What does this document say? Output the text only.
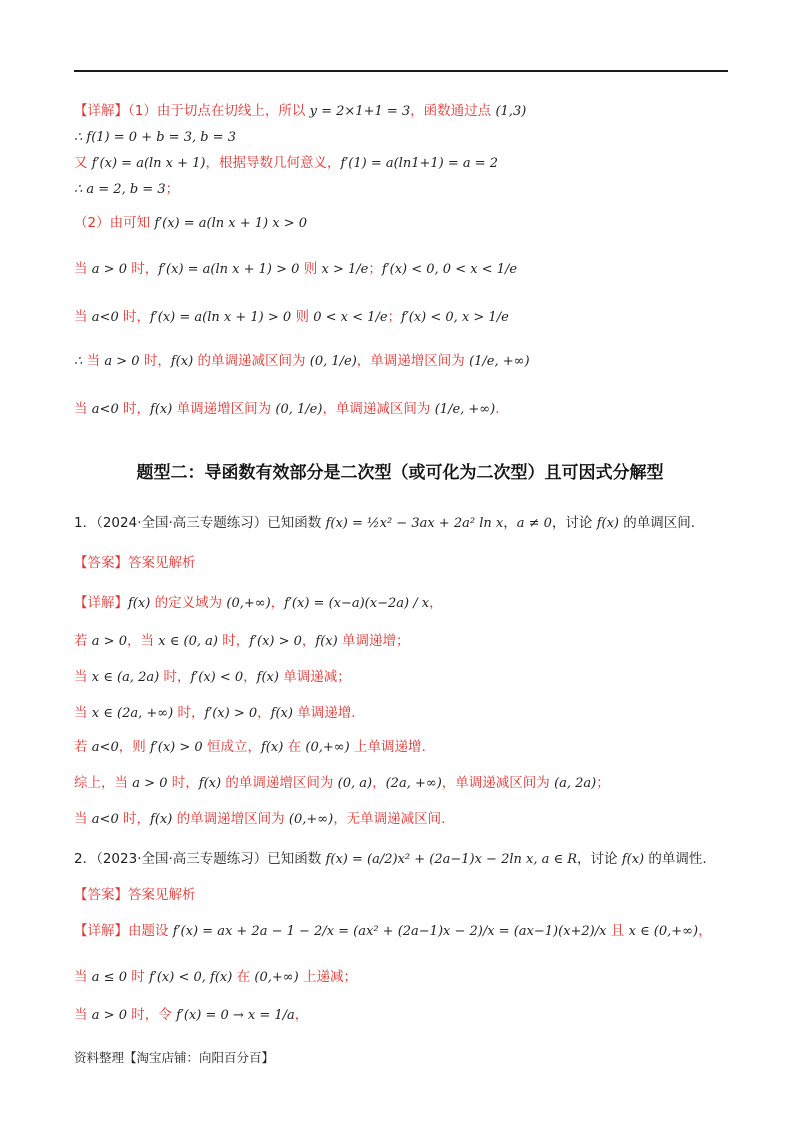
【详解】（1）由于切点在切线上，所以 y = 2×1+1 = 3，函数通过点 (1,3)
∴ f(1) = 0 + b = 3, b = 3
又 f′(x) = a(ln x + 1)，根据导数几何意义，f′(1) = a(ln1+1) = a = 2
∴ a = 2, b = 3；
（2）由可知 f′(x) = a(ln x + 1) x > 0
当 a > 0 时，f′(x) = a(ln x + 1) > 0 则 x > 1/e；f′(x) < 0, 0 < x < 1/e
当 a<0 时，f′(x) = a(ln x + 1) > 0 则 0 < x < 1/e；f′(x) < 0, x > 1/e
∴ 当 a > 0 时，f(x) 的单调递减区间为 (0, 1/e)，单调递增区间为 (1/e, +∞)
当 a<0 时，f(x) 单调递增区间为 (0, 1/e)，单调递减区间为 (1/e, +∞).
1．（2024·全国·高三专题练习）已知函数 f(x) = ½x² − 3ax + 2a² ln x，a ≠ 0，讨论 f(x) 的单调区间.
【答案】答案见解析
【详解】f(x) 的定义域为 (0,+∞)，f′(x) = (x−a)(x−2a) / x，
若 a > 0，当 x ∈ (0, a) 时，f′(x) > 0，f(x) 单调递增；
当 x ∈ (a, 2a) 时，f′(x) < 0，f(x) 单调递减；
当 x ∈ (2a, +∞) 时，f′(x) > 0，f(x) 单调递增.
若 a<0，则 f′(x) > 0 恒成立，f(x) 在 (0,+∞) 上单调递增.
综上，当 a > 0 时，f(x) 的单调递增区间为 (0, a)，(2a, +∞)，单调递减区间为 (a, 2a)；
当 a<0 时，f(x) 的单调递增区间为 (0,+∞)，无单调递减区间.
2．（2023·全国·高三专题练习）已知函数 f(x) = (a/2)x² + (2a−1)x − 2ln x, a ∈ R，讨论 f(x) 的单调性.
【答案】答案见解析
【详解】由题设 f′(x) = ax + 2a − 1 − 2/x = (ax² + (2a−1)x − 2)/x = (ax−1)(x+2)/x 且 x ∈ (0,+∞)，
当 a ≤ 0 时 f′(x) < 0, f(x) 在 (0,+∞) 上递减；
当 a > 0 时，令 f′(x) = 0 → x = 1/a，
题型二：导函数有效部分是二次型（或可化为二次型）且可因式分解型
资料整理【淘宝店铺：向阳百分百】
